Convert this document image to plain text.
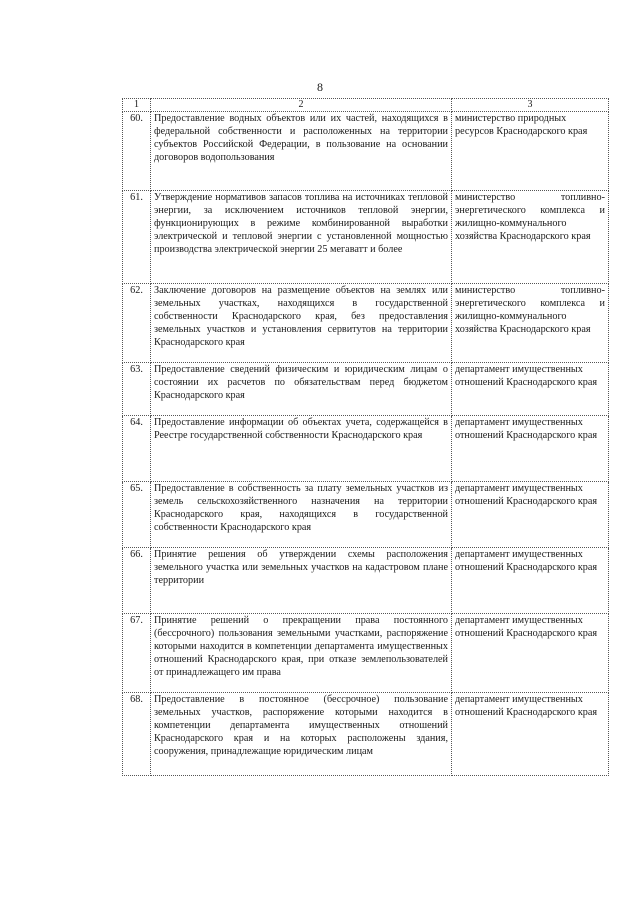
8
1	2	3
60.	Предоставление водных объектов или их частей, находящихся в федеральной собственности и расположенных на территории субъектов Российской Федерации, в пользование на основании договоров водопользования	министерство природных ресурсов Краснодарского края
61.	Утверждение нормативов запасов топлива на источниках тепловой энергии, за исключением источников тепловой энергии, функционирующих в режиме комбинированной выработки электрической и тепловой энергии с установленной мощностью производства электрической энергии 25 мегаватт и более	министерство топливно-энергетического комплекса и жилищно-коммунального хозяйства Краснодарского края
62.	Заключение договоров на размещение объектов на землях или земельных участках, находящихся в государственной собственности Краснодарского края, без предоставления земельных участков и установления сервитутов на территории Краснодарского края	министерство топливно-энергетического комплекса и жилищно-коммунального хозяйства Краснодарского края
63.	Предоставление сведений физическим и юридическим лицам о состоянии их расчетов по обязательствам перед бюджетом Краснодарского края	департамент имущественных отношений Краснодарского края
64.	Предоставление информации об объектах учета, содержащейся в Реестре государственной собственности Краснодарского края	департамент имущественных отношений Краснодарского края
65.	Предоставление в собственность за плату земельных участков из земель сельскохозяйственного назначения на территории Краснодарского края, находящихся в государственной собственности Краснодарского края	департамент имущественных отношений Краснодарского края
66.	Принятие решения об утверждении схемы расположения земельного участка или земельных участков на кадастровом плане территории	департамент имущественных отношений Краснодарского края
67.	Принятие решений о прекращении права постоянного (бессрочного) пользования земельными участками, распоряжение которыми находится в компетенции департамента имущественных отношений Краснодарского края, при отказе землепользователей от принадлежащего им права	департамент имущественных отношений Краснодарского края
68.	Предоставление в постоянное (бессрочное) пользование земельных участков, распоряжение которыми находится в компетенции департамента имущественных отношений Краснодарского края и на которых расположены здания, сооружения, принадлежащие юридическим лицам	департамент имущественных отношений Краснодарского края
